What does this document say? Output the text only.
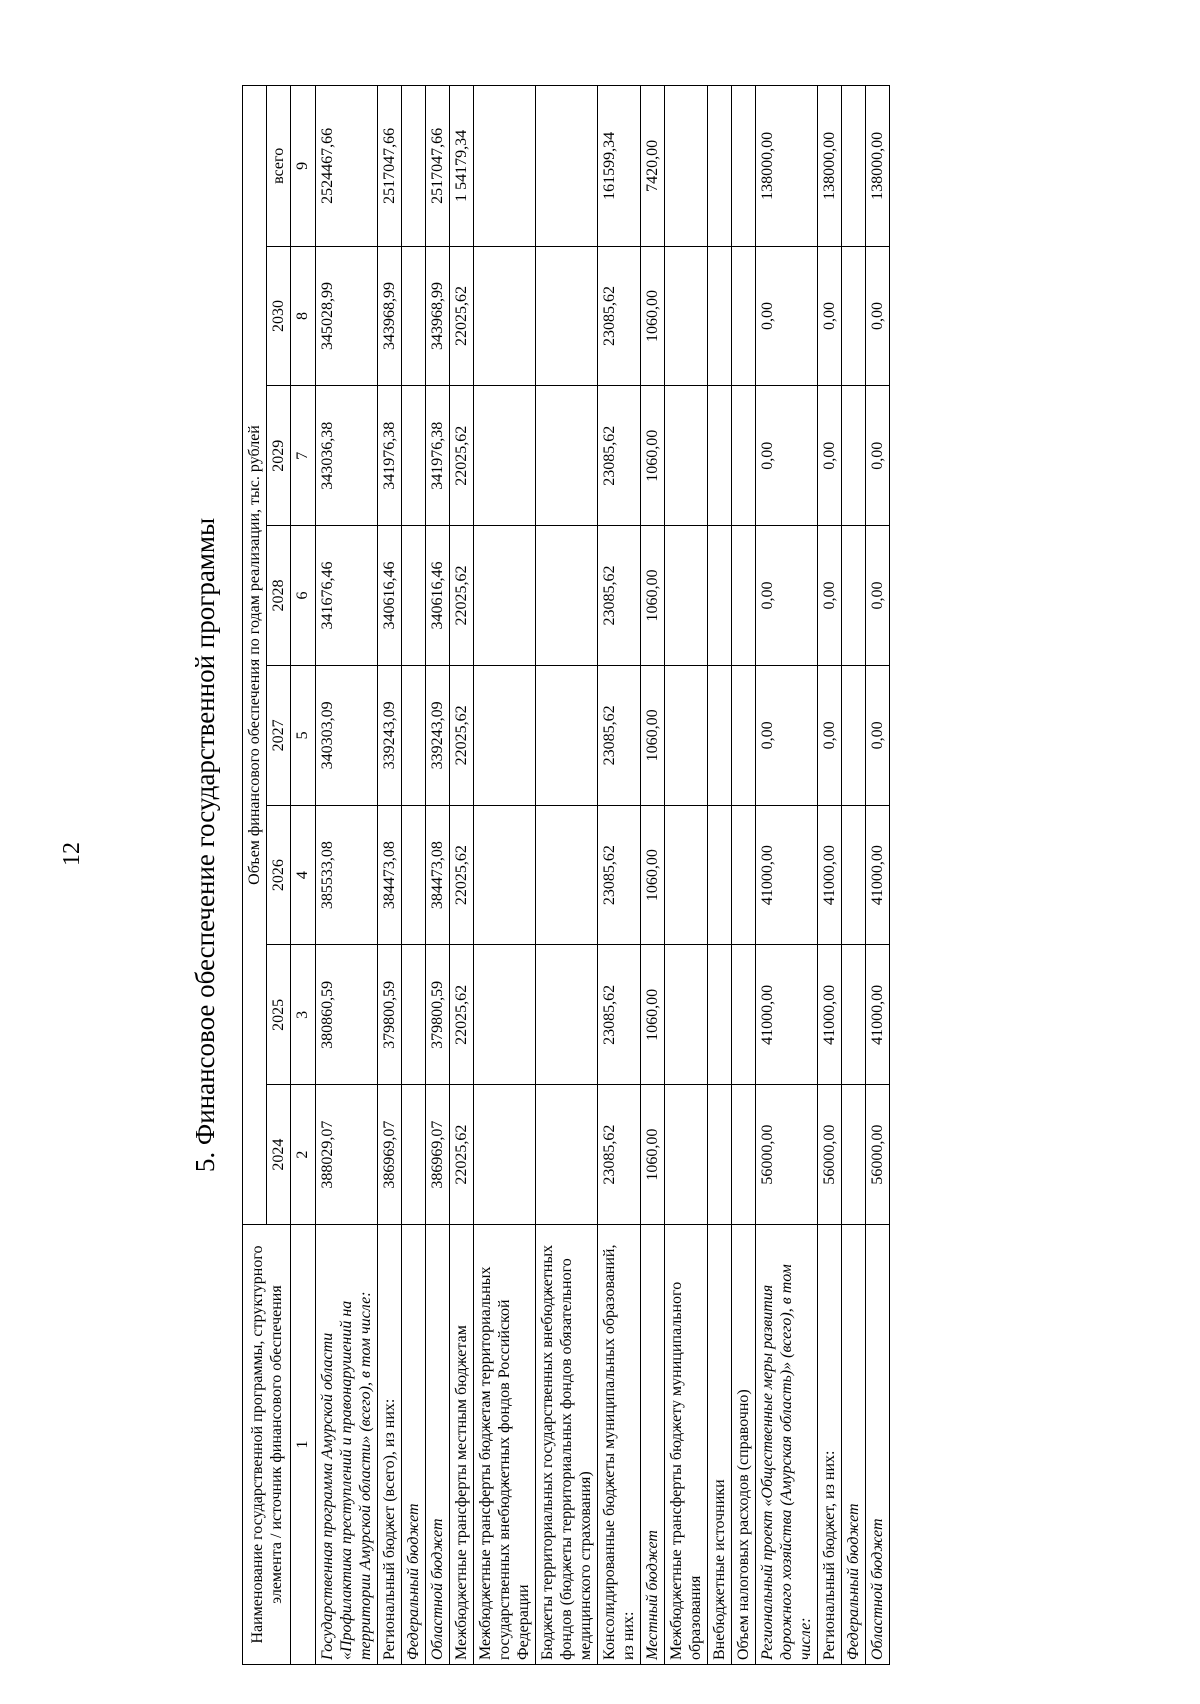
12	5. Финансовое обеспечение государственной программы
Наименование государственной программы, структурного элемента / источник финансового обеспечения	Объем финансового обеспечения по годам реализации, тыс. рублей							
	2024	2025	2026	2027	2028	2029	2030	всего
1	2	3	4	5	6	7	8	9
Государственная программа Амурской области «Профилактика преступлений и правонарушений на территории Амурской области» (всего), в том числе:	388029,07	380860,59	385533,08	340303,09	341676,46	343036,38	345028,99	2524467,66
Региональный бюджет (всего), из них:	386969,07	379800,59	384473,08	339243,09	340616,46	341976,38	343968,99	2517047,66
Федеральный бюджет								
Областной бюджет	386969,07	379800,59	384473,08	339243,09	340616,46	341976,38	343968,99	2517047,66
Межбюджетные трансферты местным бюджетам	22025,62	22025,62	22025,62	22025,62	22025,62	22025,62	22025,62	1 54179,34
Межбюджетные трансферты бюджетам территориальных государственных внебюджетных фондов Российской Федерации								
Бюджеты территориальных государственных внебюджетных фондов (бюджеты территориальных фондов обязательного медицинского страхования)								
Консолидированные бюджеты муниципальных образований, из них:	23085,62	23085,62	23085,62	23085,62	23085,62	23085,62	23085,62	161599,34
Местный бюджет	1060,00	1060,00	1060,00	1060,00	1060,00	1060,00	1060,00	7420,00
Межбюджетные трансферты бюджету муниципального образования								
Внебюджетные источники								
Объем налоговых расходов (справочно)								
Региональный проект «Общественные меры развития дорожного хозяйства (Амурская область)» (всего), в том числе:	56000,00	41000,00	41000,00	0,00	0,00	0,00	0,00	138000,00
Региональный бюджет, из них:	56000,00	41000,00	41000,00	0,00	0,00	0,00	0,00	138000,00
Федеральный бюджет								
Областной бюджет	56000,00	41000,00	41000,00	0,00	0,00	0,00	0,00	138000,00
